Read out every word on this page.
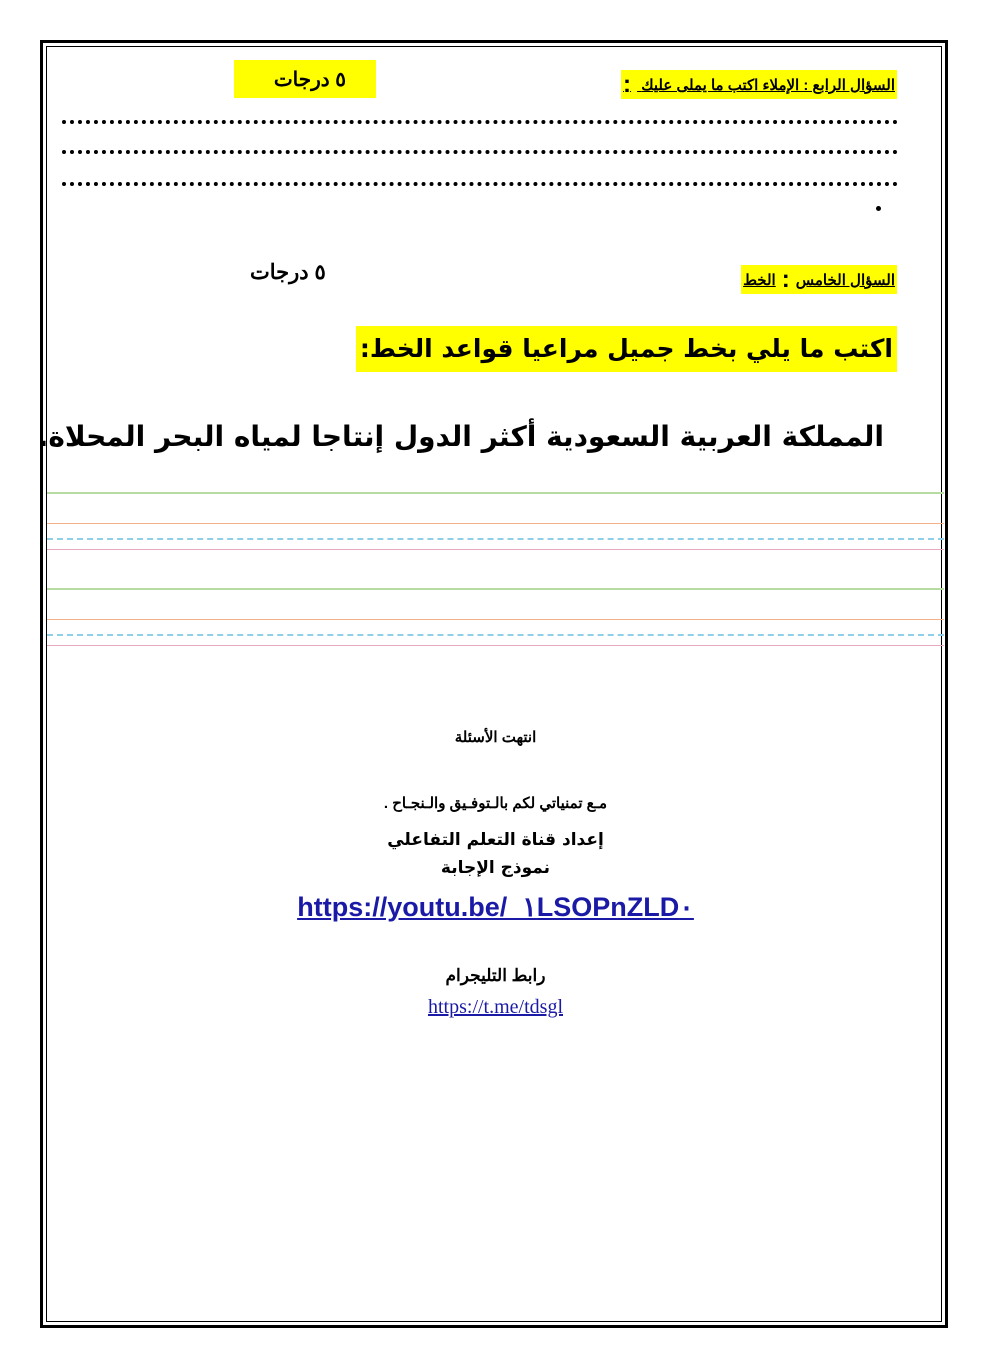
السؤال الرابع : الإملاء اكتب ما يملى عليك :
٥ درجات
السؤال الخامس:الخط
٥ درجات
اكتب ما يلي بخط جميل مراعيا قواعد الخط:
المملكة العربية السعودية أكثر الدول إنتاجا لمياه البحر المحلاة.
انتهت الأسئلة
مـع تمنياتي لكم بالـتوفـيق والـنجـاح .
إعداد قناة التعلم التفاعلي
نموذج الإجابة
https://youtu.be/_١LSOPnZLD٠
رابط التليجرام
https://t.me/tdsgl
